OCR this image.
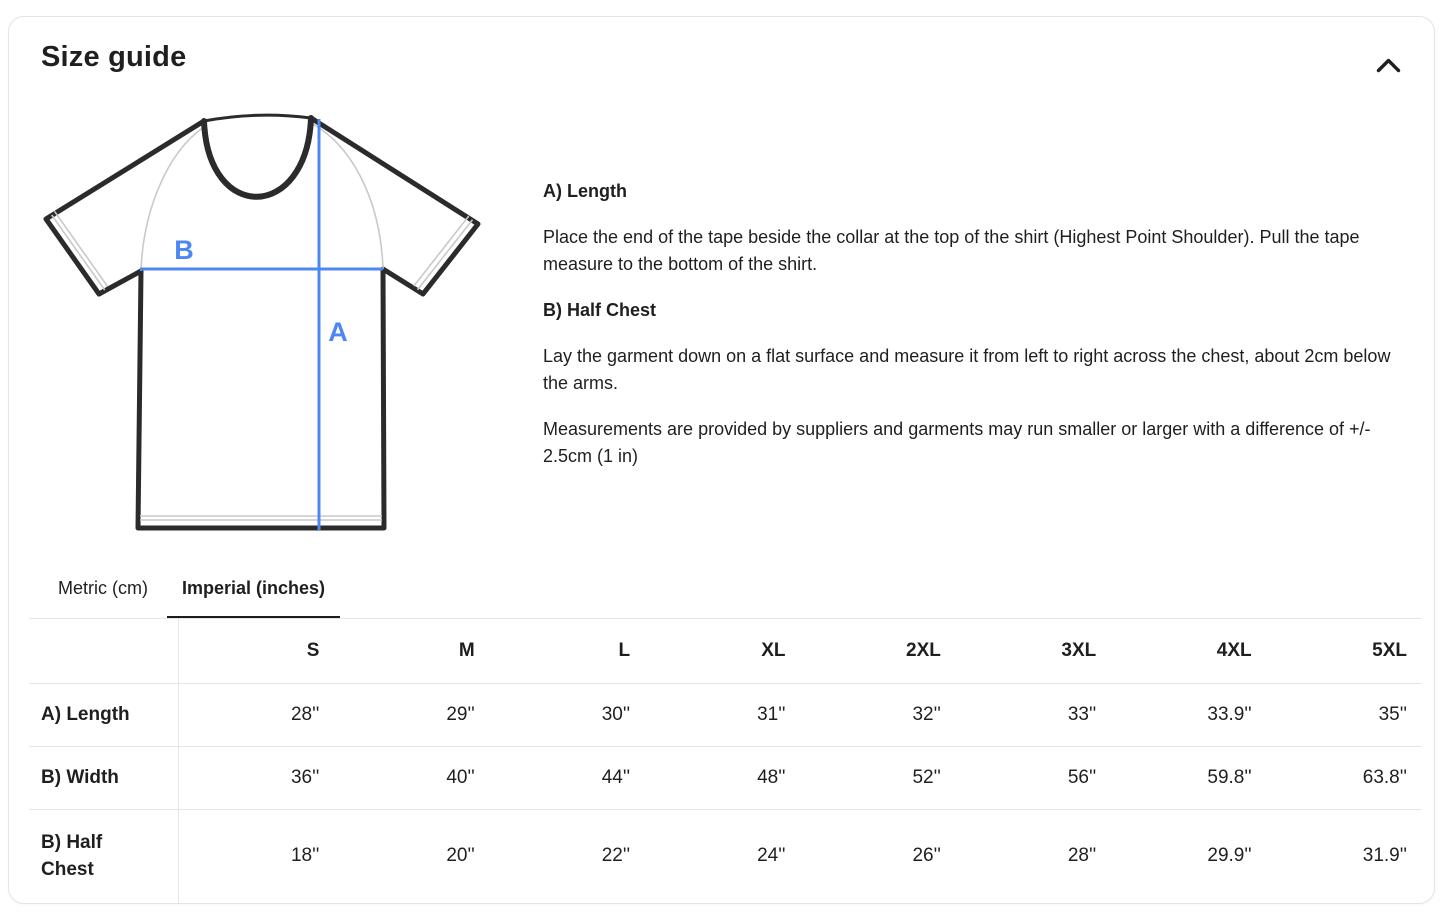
Size guide
B
A

A) Length

Place the end of the tape beside the collar at the top of the shirt (Highest Point Shoulder). Pull the tape measure to the bottom of the shirt.

B) Half Chest

Lay the garment down on a flat surface and measure it from left to right across the chest, about 2cm below the arms.

Measurements are provided by suppliers and garments may run smaller or larger with a difference of +/- 2.5cm (1 in)

Metric (cm)	Imperial (inches)
	S	M	L	XL	2XL	3XL	4XL	5XL
A) Length	28''	29''	30''	31''	32''	33''	33.9''	35''
B) Width	36''	40''	44''	48''	52''	56''	59.8''	63.8''
B) Half Chest	18''	20''	22''	24''	26''	28''	29.9''	31.9''
